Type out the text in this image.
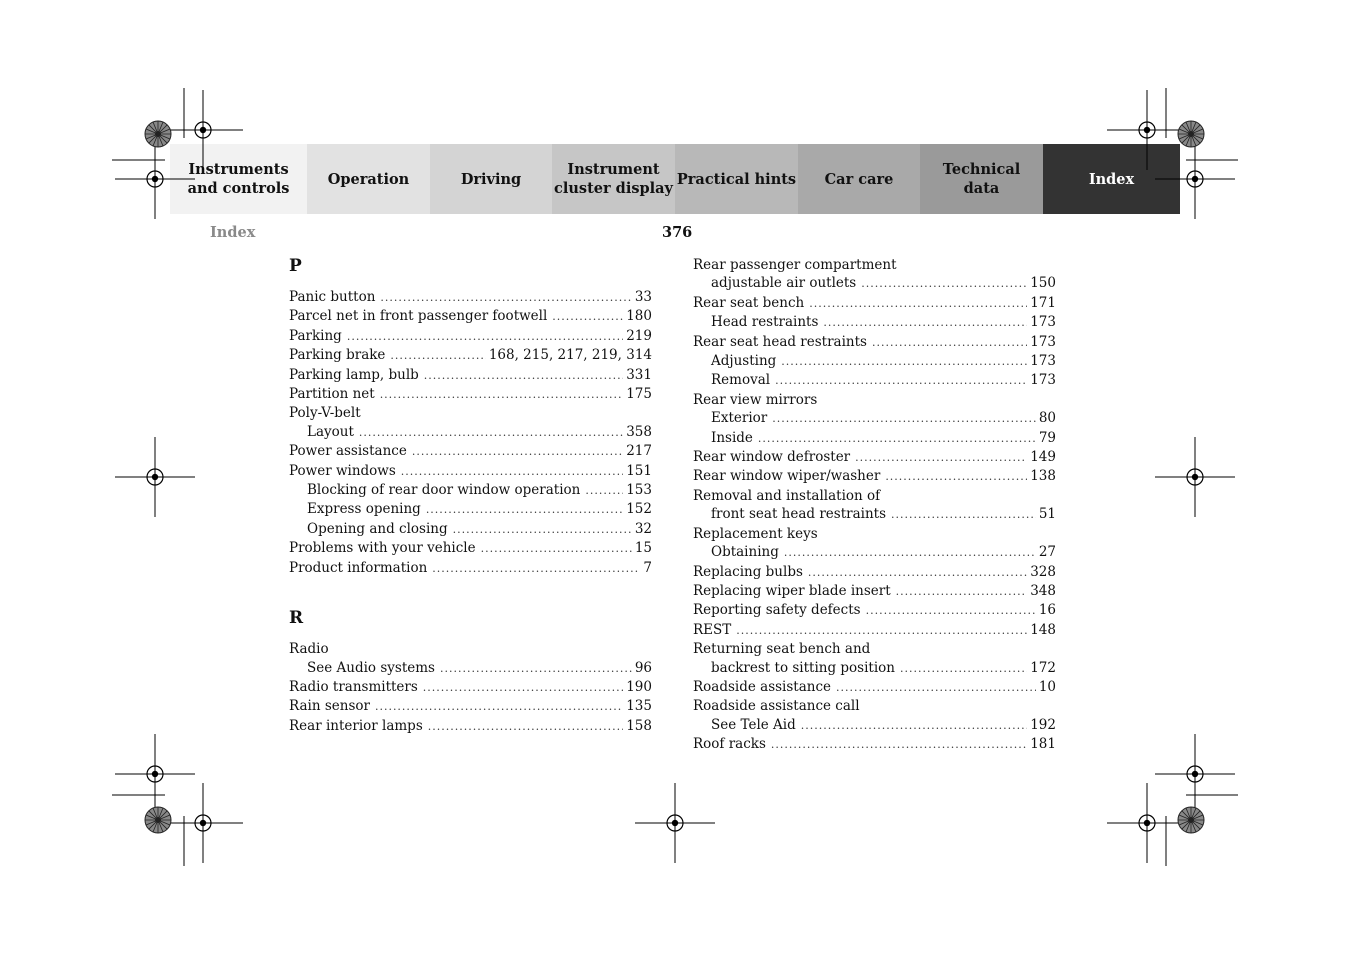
Instruments
and controls
Operation	Driving
Instrument
cluster display
Practical hints	Car care
Technical
data
Index
Index	376
P
Panic button .....	33
Parcel net in front passenger footwell .....	180
Parking .....	219
Parking brake .....	168, 215, 217, 219, 314
Parking lamp, bulb .....	331
Partition net .....	175
Poly-V-belt
Layout .....	358
Power assistance .....	217
Power windows .....	151
Blocking of rear door window operation .....	153
Express opening .....	152
Opening and closing .....	32
Problems with your vehicle .....	15
Product information .....	7
R
Radio
See Audio systems .....	96
Radio transmitters .....	190
Rain sensor .....	135
Rear interior lamps .....	158
Rear passenger compartment
adjustable air outlets .....	150
Rear seat bench .....	171
Head restraints .....	173
Rear seat head restraints .....	173
Adjusting .....	173
Removal .....	173
Rear view mirrors
Exterior .....	80
Inside .....	79
Rear window defroster .....	149
Rear window wiper/washer .....	138
Removal and installation of
front seat head restraints .....	51
Replacement keys
Obtaining .....	27
Replacing bulbs .....	328
Replacing wiper blade insert .....	348
Reporting safety defects .....	16
REST .....	148
Returning seat bench and
backrest to sitting position .....	172
Roadside assistance .....	10
Roadside assistance call
See Tele Aid .....	192
Roof racks .....	181
